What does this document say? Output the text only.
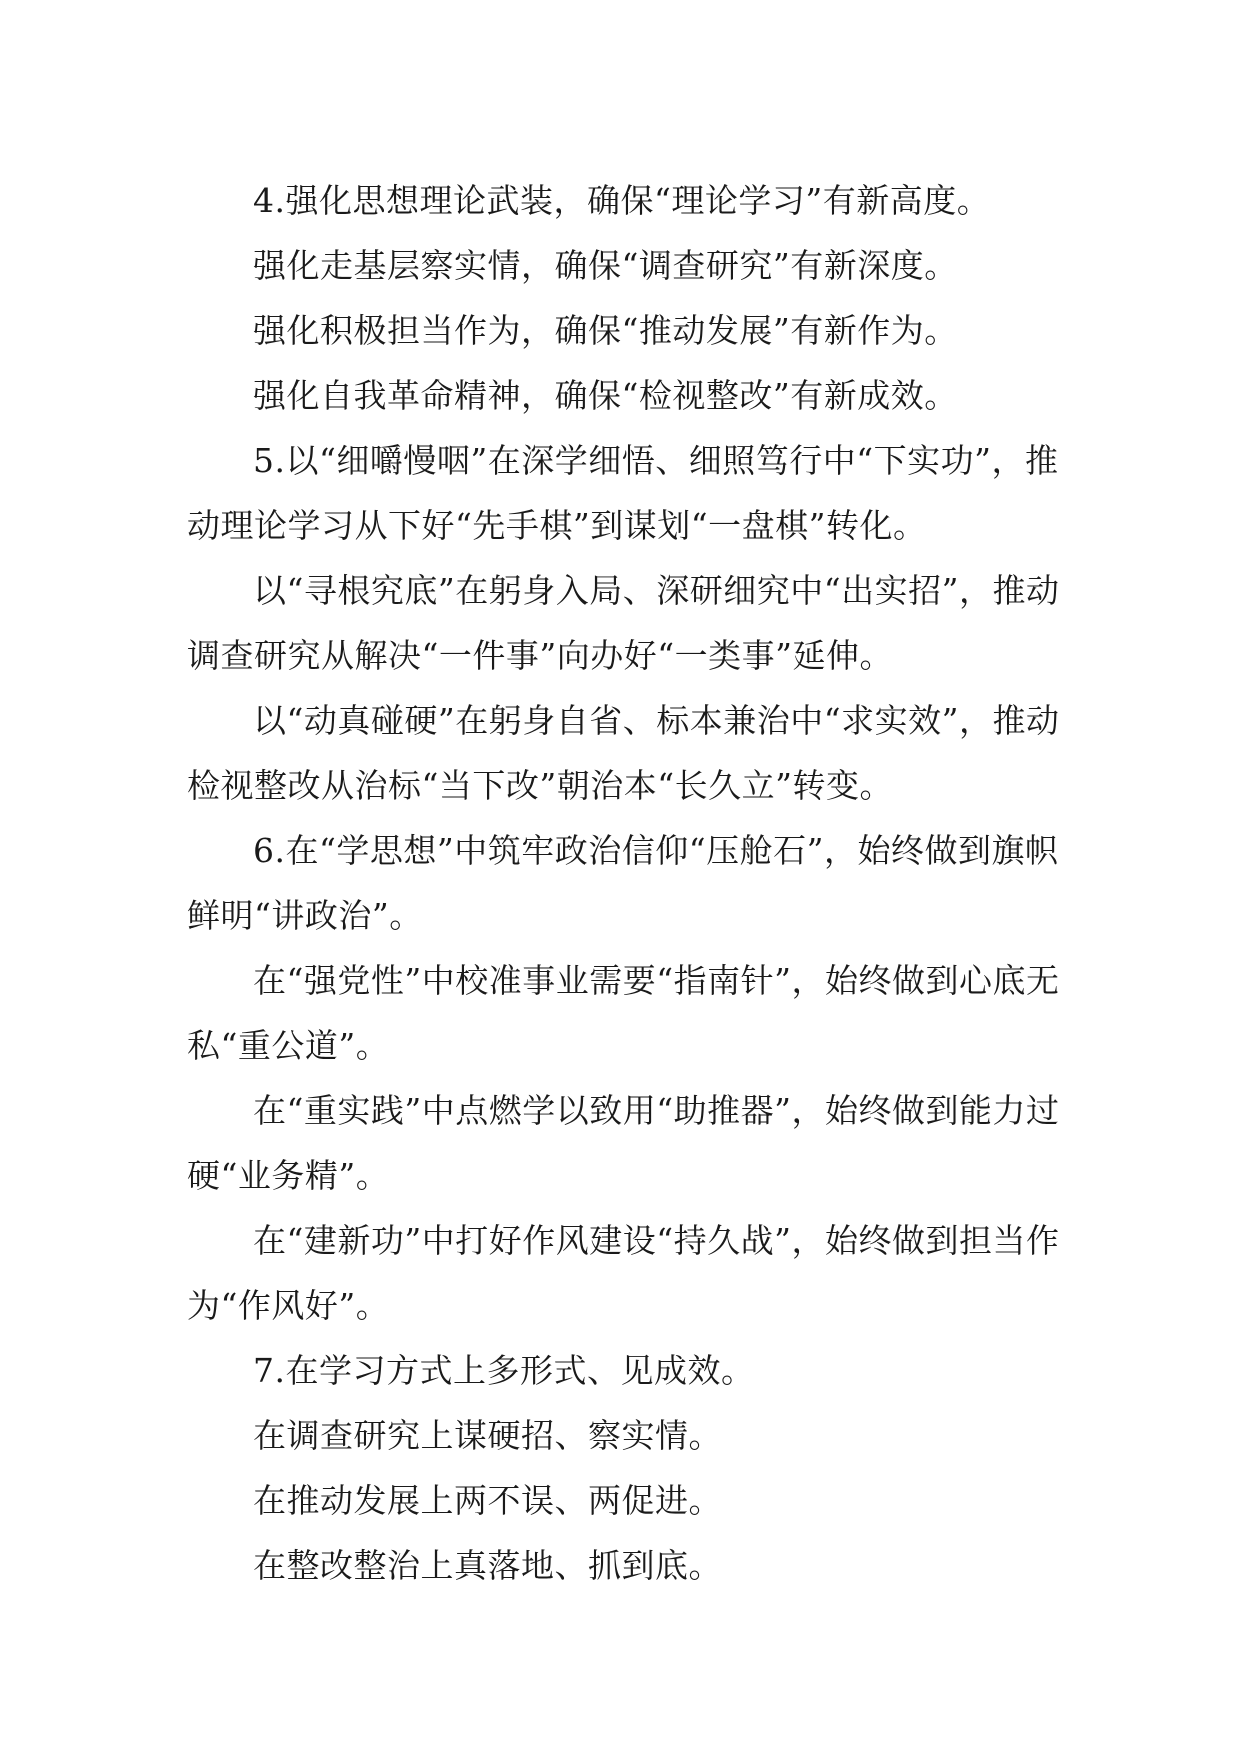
4.强化思想理论武装，确保“理论学习”有新高度。

强化走基层察实情，确保“调查研究”有新深度。

强化积极担当作为，确保“推动发展”有新作为。

强化自我革命精神，确保“检视整改”有新成效。

5.以“细嚼慢咽”在深学细悟、细照笃行中“下实功”，推动理论学习从下好“先手棋”到谋划“一盘棋”转化。

以“寻根究底”在躬身入局、深研细究中“出实招”，推动调查研究从解决“一件事”向办好“一类事”延伸。

以“动真碰硬”在躬身自省、标本兼治中“求实效”，推动检视整改从治标“当下改”朝治本“长久立”转变。

6.在“学思想”中筑牢政治信仰“压舱石”，始终做到旗帜鲜明“讲政治”。

在“强党性”中校准事业需要“指南针”，始终做到心底无私“重公道”。

在“重实践”中点燃学以致用“助推器”，始终做到能力过硬“业务精”。

在“建新功”中打好作风建设“持久战”，始终做到担当作为“作风好”。

7.在学习方式上多形式、见成效。

在调查研究上谋硬招、察实情。

在推动发展上两不误、两促进。

在整改整治上真落地、抓到底。
